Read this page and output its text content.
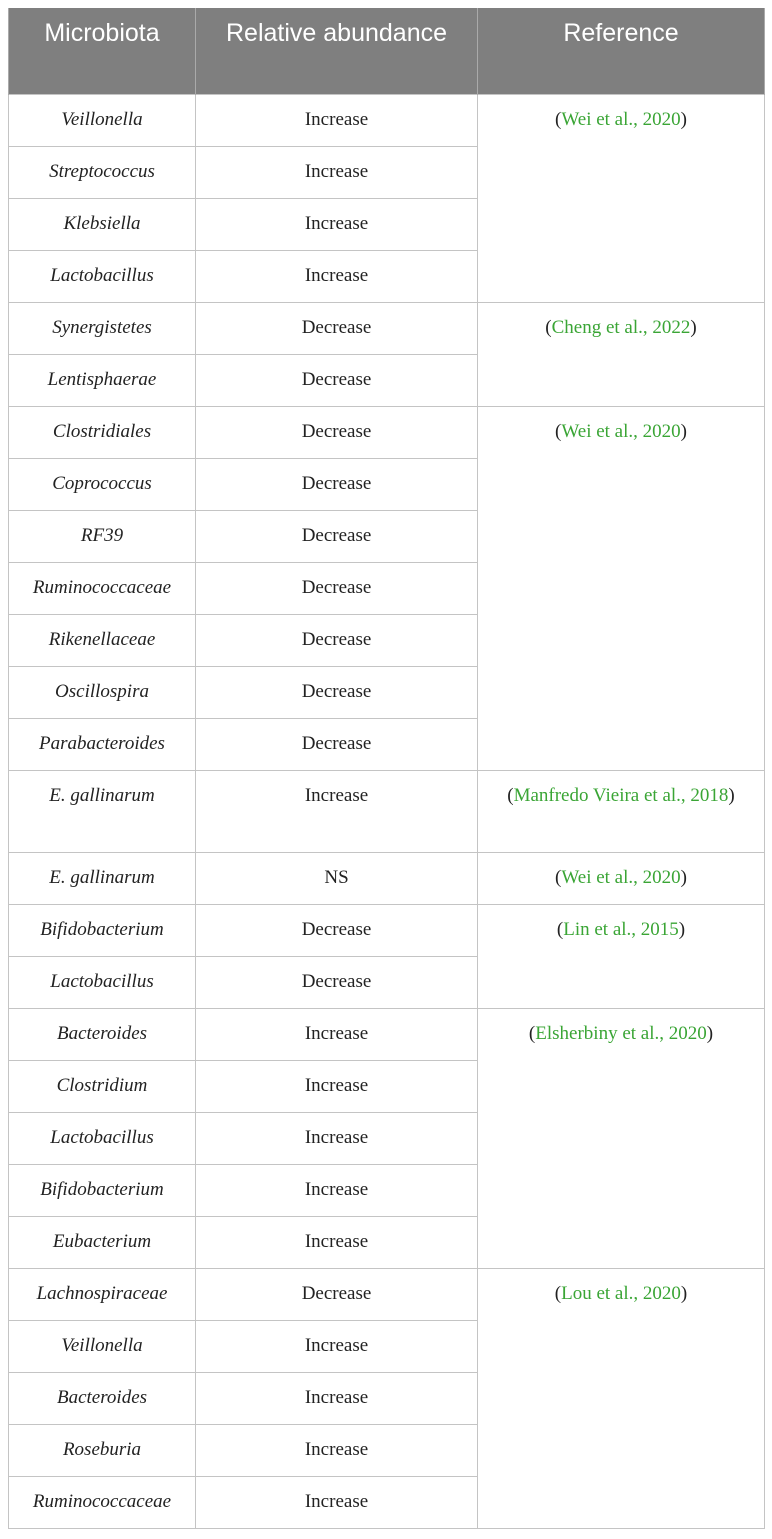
Microbiota	Relative abundance	Reference

Veillonella	Increase	(Wei et al., 2020)
Streptococcus	Increase	
Klebsiella	Increase	
Lactobacillus	Increase	
Synergistetes	Decrease	(Cheng et al., 2022)
Lentisphaerae	Decrease	
Clostridiales	Decrease	(Wei et al., 2020)
Coprococcus	Decrease	
RF39	Decrease	
Ruminococcaceae	Decrease	
Rikenellaceae	Decrease	
Oscillospira	Decrease	
Parabacteroides	Decrease	
E. gallinarum	Increase	(Manfredo Vieira et al., 2018)
E. gallinarum	NS	(Wei et al., 2020)
Bifidobacterium	Decrease	(Lin et al., 2015)
Lactobacillus	Decrease	
Bacteroides	Increase	(Elsherbiny et al., 2020)
Clostridium	Increase	
Lactobacillus	Increase	
Bifidobacterium	Increase	
Eubacterium	Increase	
Lachnospiraceae	Decrease	(Lou et al., 2020)
Veillonella	Increase	
Bacteroides	Increase	
Roseburia	Increase	
Ruminococcaceae	Increase	
